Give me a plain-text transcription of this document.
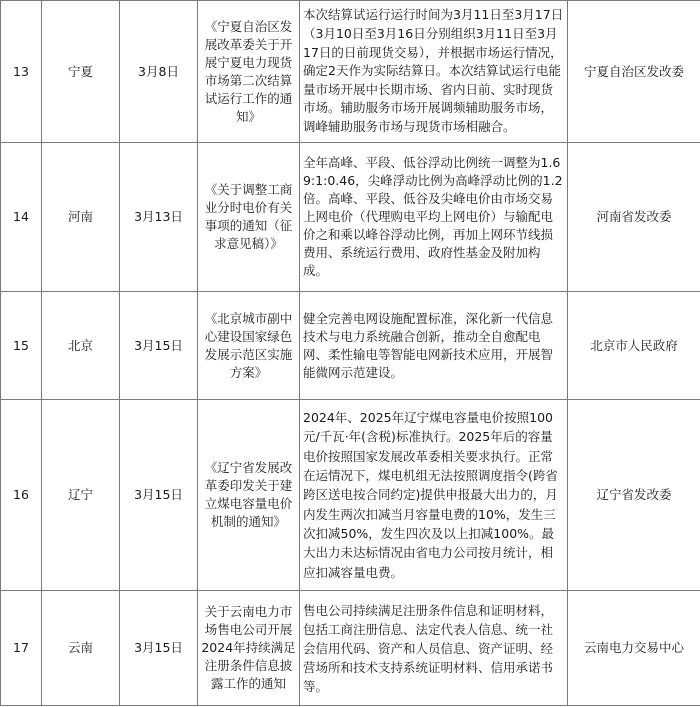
13	宁夏	3月8日	《宁夏自治区发展改革委关于开展宁夏电力现货市场第二次结算试运行工作的通知》	本次结算试运行运行时间为3月11日至3月17日（3月10日至3月16日分别组织3月11日至3月17日的日前现货交易），并根据市场运行情况，确定2天作为实际结算日。本次结算试运行电能量市场开展中长期市场、省内日前、实时现货市场。辅助服务市场开展调频辅助服务市场，调峰辅助服务市场与现货市场相融合。	宁夏自治区发改委
14	河南	3月13日	《关于调整工商业分时电价有关事项的通知（征求意见稿）》	全年高峰、平段、低谷浮动比例统一调整为1.69:1:0.46，尖峰浮动比例为高峰浮动比例的1.2倍。高峰、平段、低谷及尖峰电价由市场交易上网电价（代理购电平均上网电价）与输配电价之和乘以峰谷浮动比例，再加上网环节线损费用、系统运行费用、政府性基金及附加构成。	河南省发改委
15	北京	3月15日	《北京城市副中心建设国家绿色发展示范区实施方案》	健全完善电网设施配置标准，深化新一代信息技术与电力系统融合创新，推动全自愈配电网、柔性输电等智能电网新技术应用，开展智能微网示范建设。	北京市人民政府
16	辽宁	3月15日	《辽宁省发展改革委印发关于建立煤电容量电价机制的通知》	2024年、2025年辽宁煤电容量电价按照100元/千瓦·年(含税)标准执行。2025年后的容量电价按照国家发展改革委相关要求执行。正常在运情况下，煤电机组无法按照调度指令(跨省跨区送电按合同约定)提供申报最大出力的，月内发生两次扣减当月容量电费的10%，发生三次扣减50%，发生四次及以上扣减100%。最大出力未达标情况由省电力公司按月统计，相应扣减容量电费。	辽宁省发改委
17	云南	3月15日	关于云南电力市场售电公司开展2024年持续满足注册条件信息披露工作的通知	售电公司持续满足注册条件信息和证明材料，包括工商注册信息、法定代表人信息、统一社会信用代码、资产和人员信息、资产证明、经营场所和技术支持系统证明材料、信用承诺书等。	云南电力交易中心
